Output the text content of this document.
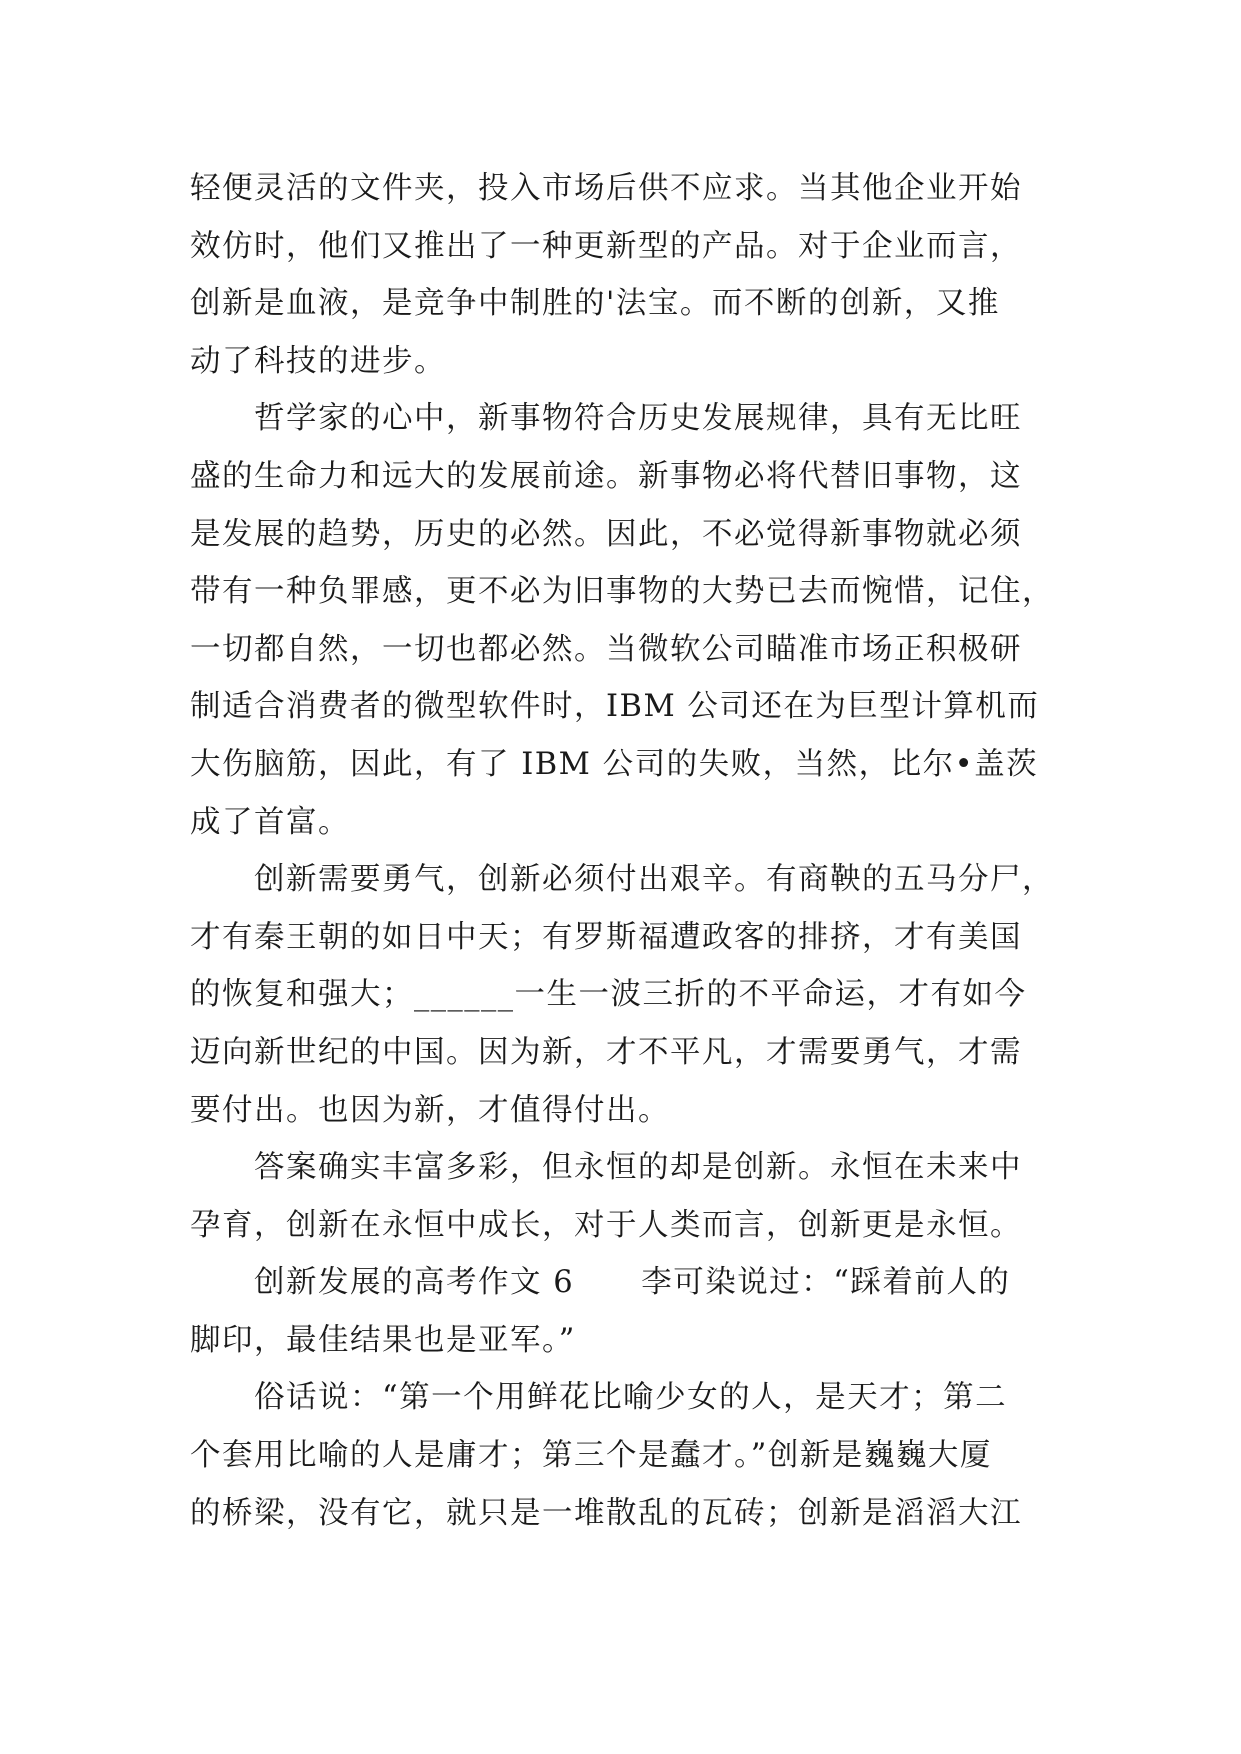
轻便灵活的文件夹，投入市场后供不应求。当其他企业开始
效仿时，他们又推出了一种更新型的产品。对于企业而言，
创新是血液，是竞争中制胜的'法宝。而不断的创新，又推
动了科技的进步。
哲学家的心中，新事物符合历史发展规律，具有无比旺
盛的生命力和远大的发展前途。新事物必将代替旧事物，这
是发展的趋势，历史的必然。因此，不必觉得新事物就必须
带有一种负罪感，更不必为旧事物的大势已去而惋惜，记住，
一切都自然，一切也都必然。当微软公司瞄准市场正积极研
制适合消费者的微型软件时，IBM 公司还在为巨型计算机而
大伤脑筋，因此，有了 IBM 公司的失败，当然，比尔•盖茨
成了首富。
创新需要勇气，创新必须付出艰辛。有商鞅的五马分尸，
才有秦王朝的如日中天；有罗斯福遭政客的排挤，才有美国
的恢复和强大；______一生一波三折的不平命运，才有如今
迈向新世纪的中国。因为新，才不平凡，才需要勇气，才需
要付出。也因为新，才值得付出。
答案确实丰富多彩，但永恒的却是创新。永恒在未来中
孕育，创新在永恒中成长，对于人类而言，创新更是永恒。
创新发展的高考作文 6      李可染说过：“踩着前人的
脚印，最佳结果也是亚军。”
俗话说：“第一个用鲜花比喻少女的人，是天才；第二
个套用比喻的人是庸才；第三个是蠢才。”创新是巍巍大厦
的桥梁，没有它，就只是一堆散乱的瓦砖；创新是滔滔大江
